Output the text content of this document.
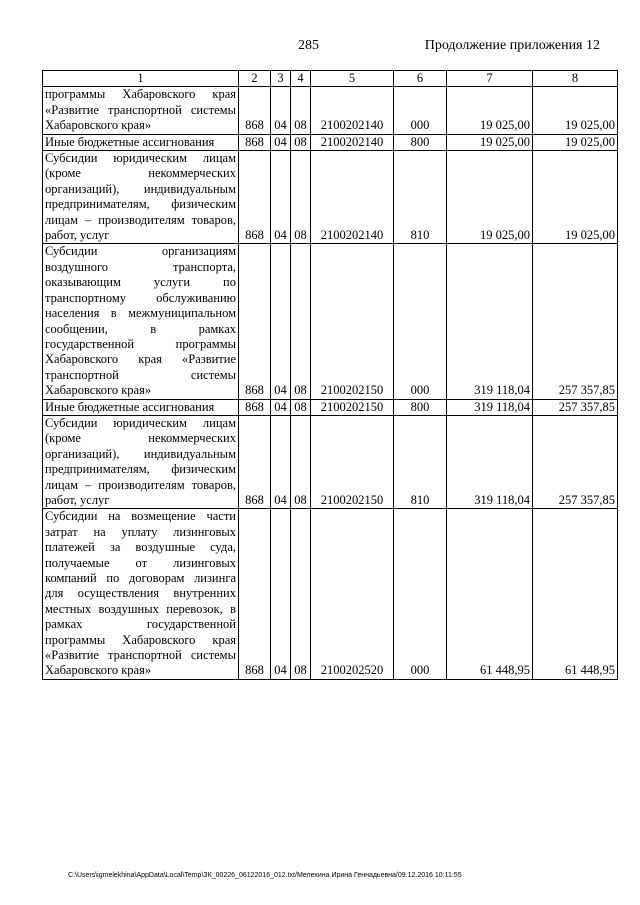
285	Продолжение приложения 12
1	2	3	4	5	6	7	8
программы Хабаровского края «Развитие транспортной системы Хабаровского края»	868	04	08	2100202140	000	19 025,00	19 025,00
Иные бюджетные ассигнования	868	04	08	2100202140	800	19 025,00	19 025,00
Субсидии юридическим лицам (кроме некоммерческих организаций), индивидуальным предпринимателям, физическим лицам – производителям товаров, работ, услуг	868	04	08	2100202140	810	19 025,00	19 025,00
Субсидии организациям воздушного транспорта, оказывающим услуги по транспортному обслуживанию населения в межмуниципальном сообщении, в рамках государственной программы Хабаровского края «Развитие транспортной системы Хабаровского края»	868	04	08	2100202150	000	319 118,04	257 357,85
Иные бюджетные ассигнования	868	04	08	2100202150	800	319 118,04	257 357,85
Субсидии юридическим лицам (кроме некоммерческих организаций), индивидуальным предпринимателям, физическим лицам – производителям товаров, работ, услуг	868	04	08	2100202150	810	319 118,04	257 357,85
Субсидии на возмещение части затрат на уплату лизинговых платежей за воздушные суда, получаемые от лизинговых компаний по договорам лизинга для осуществления внутренних местных воздушных перевозок, в рамках государственной программы Хабаровского края «Развитие транспортной системы Хабаровского края»	868	04	08	2100202520	000	61 448,95	61 448,95
C:\Users\igmelekhina\AppData\Local\Temp\ЗК_00226_06122016_012.txt/Мелехина Ирина Геннадьевна/09.12.2016 10:11:55
